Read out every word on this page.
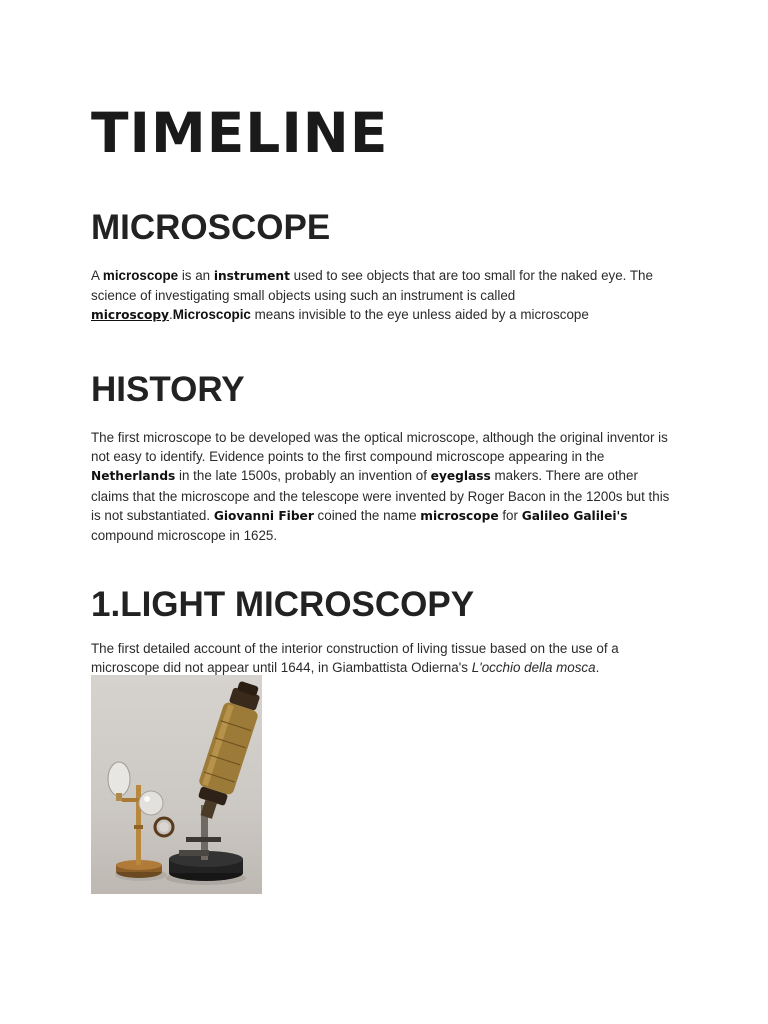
TIMELINE
MICROSCOPE

A microscope is an instrument used to see objects that are too small for the naked eye. The science of investigating small objects using such an instrument is called microscopy.Microscopic means invisible to the eye unless aided by a microscope

HISTORY

The first microscope to be developed was the optical microscope, although the original inventor is not easy to identify. Evidence points to the first compound microscope appearing in the Netherlands in the late 1500s, probably an invention of eyeglass makers. There are other claims that the microscope and the telescope were invented by Roger Bacon in the 1200s but this is not substantiated. Giovanni Fiber coined the name microscope for Galileo Galilei's compound microscope in 1625.

1.LIGHT MICROSCOPY

The first detailed account of the interior construction of living tissue based on the use of a microscope did not appear until 1644, in Giambattista Odierna's L'occhio della mosca.
